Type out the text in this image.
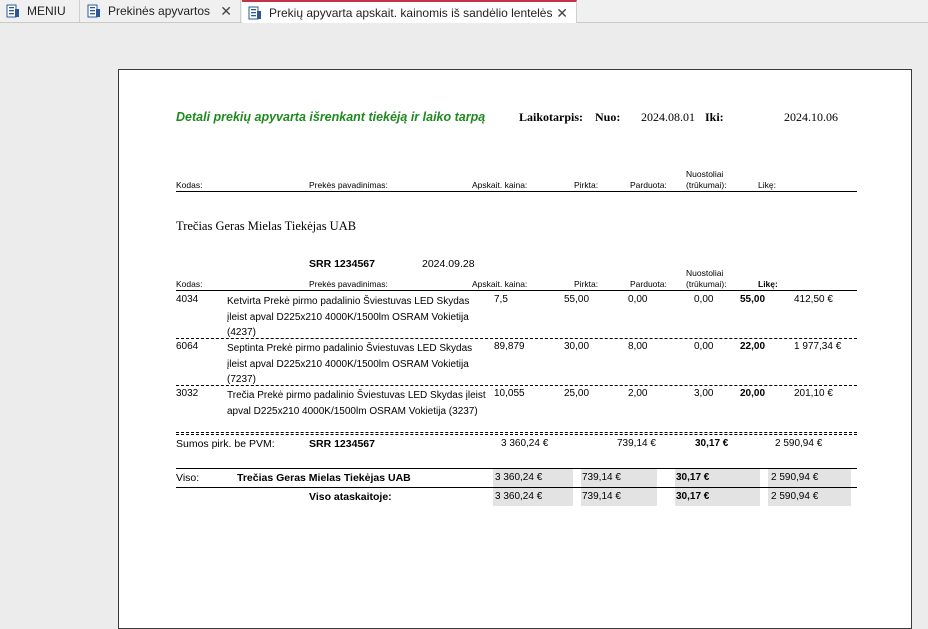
MENIU	Prekinės apyvartos ✕	Prekių apyvarta apskait. kainomis iš sandėlio lentelės ✕
Detali prekių apyvarta išrenkant tiekėją ir laiko tarpą	Laikotarpis: Nuo: 2024.08.01 Iki:	2024.10.06
Kodas:	Prekės pavadinimas:	Apskait. kaina:	Pirkta:	Parduota:
Nuostoliai
(trūkumai):	Likę:
Trečias Geras Mielas Tiekėjas UAB
SRR 1234567	2024.09.28
Kodas:	Prekės pavadinimas:	Apskait. kaina:	Pirkta:	Parduota:
Nuostoliai
(trūkumai):	Likę:
4034	Ketvirta Prekė pirmo padalinio Šviestuvas LED Skydas įleist apval D225x210 4000K/1500lm OSRAM Vokietija (4237)
7,5	55,00	0,00	0,00	55,00	412,50 €
6064	Septinta Prekė pirmo padalinio Šviestuvas LED Skydas įleist apval D225x210 4000K/1500lm OSRAM Vokietija (7237)
89,879	30,00	8,00	0,00	22,00	1 977,34 €
3032	Trečia Prekė pirmo padalinio Šviestuvas LED Skydas įleist apval D225x210 4000K/1500lm OSRAM Vokietija (3237)
10,055	25,00	2,00	3,00	20,00	201,10 €
Sumos pirk. be PVM:	SRR 1234567	3 360,24 €	739,14 €	30,17 €	2 590,94 €
Viso:	Trečias Geras Mielas Tiekėjas UAB	3 360,24 €	739,14 €	30,17 €	2 590,94 €
Viso ataskaitoje:	3 360,24 €	739,14 €	30,17 €	2 590,94 €
